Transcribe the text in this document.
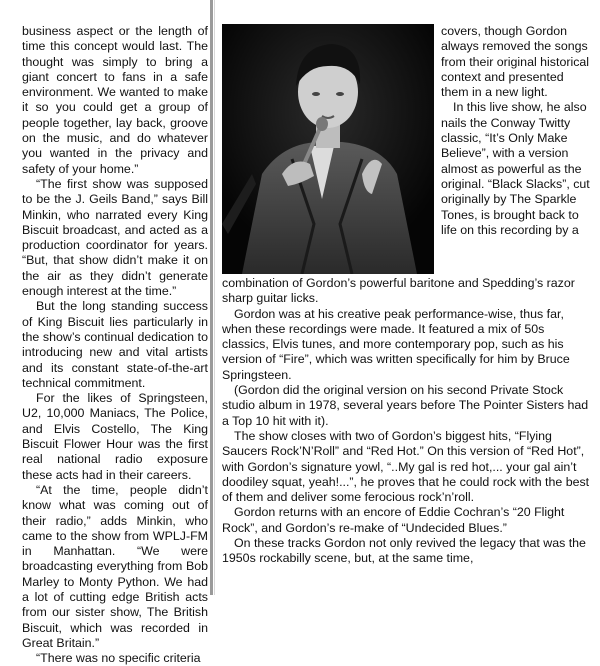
business aspect or the length of time this concept would last. The thought was simply to bring a giant concert to fans in a safe environment. We wanted to make it so you could get a group of people together, lay back, groove on the music, and do whatever you wanted in the privacy and safety of your home.”

“The first show was supposed to be the J. Geils Band,” says Bill Minkin, who narrated every King Biscuit broadcast, and acted as a production coordinator for years. “But, that show didn’t make it on the air as they didn’t generate enough interest at the time.”

But the long standing success of King Biscuit lies particularly in the show’s continual dedication to introducing new and vital artists and its constant state-of-the-art technical commitment.

For the likes of Springsteen, U2, 10,000 Maniacs, The Police, and Elvis Costello, The King Biscuit Flower Hour was the first real national radio exposure these acts had in their careers.

“At the time, people didn’t know what was coming out of their radio,” adds Minkin, who came to the show from WPLJ-FM in Manhattan. “We were broadcasting everything from Bob Marley to Monty Python. We had a lot of cutting edge British acts from our sister show, The British Biscuit, which was recorded in Great Britain.”

“There was no specific criteria

covers, though Gordon always removed the songs from their original historical context and presented them in a new light.

In this live show, he also nails the Conway Twitty classic, “It’s Only Make Believe”, with a version almost as powerful as the original. “Black Slacks”, cut originally by The Sparkle Tones, is brought back to life on this recording by a

combination of Gordon’s powerful baritone and Spedding’s razor sharp guitar licks.

Gordon was at his creative peak performance-wise, thus far, when these recordings were made. It featured a mix of 50s classics, Elvis tunes, and more contemporary pop, such as his version of “Fire”, which was written specifically for him by Bruce Springsteen.

(Gordon did the original version on his second Private Stock studio album in 1978, several years before The Pointer Sisters had a Top 10 hit with it).

The show closes with two of Gordon’s biggest hits, “Flying Saucers Rock’N’Roll” and “Red Hot.” On this version of “Red Hot”, with Gordon’s signature yowl, “..My gal is red hot,... your gal ain’t doodiley squat, yeah!...”, he proves that he could rock with the best of them and deliver some ferocious rock’n’roll.

Gordon returns with an encore of Eddie Cochran’s “20 Flight Rock”, and Gordon’s re-make of “Undecided Blues.”

On these tracks Gordon not only revived the legacy that was the 1950s rockabilly scene, but, at the same time,
